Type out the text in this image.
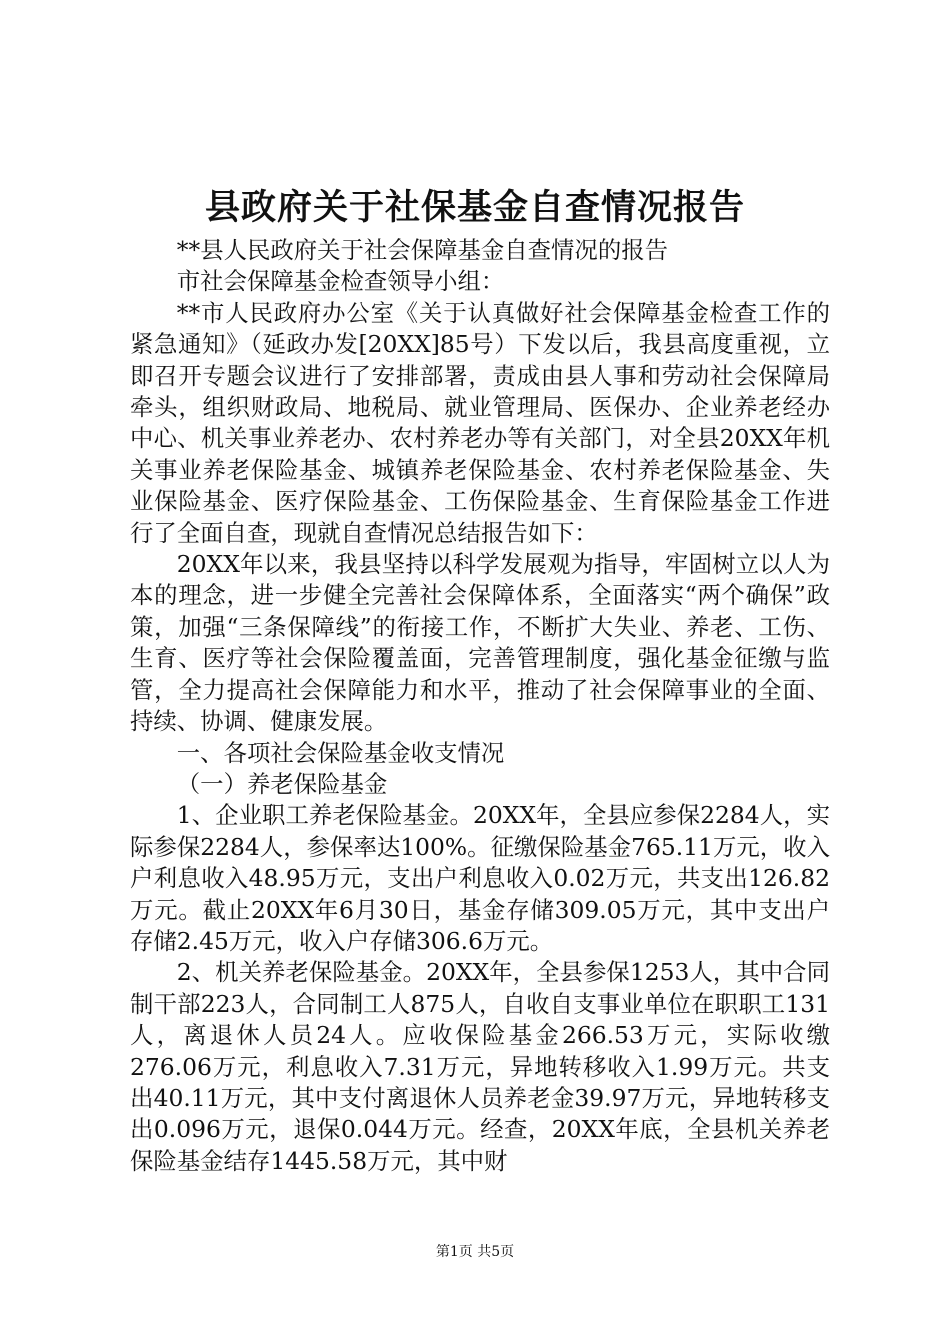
县政府关于社保基金自查情况报告

**县人民政府关于社会保障基金自查情况的报告

市社会保障基金检查领导小组：

**市人民政府办公室《关于认真做好社会保障基金检查工作的紧急通知》（延政办发[20XX]85号）下发以后，我县高度重视，立即召开专题会议进行了安排部署，责成由县人事和劳动社会保障局牵头，组织财政局、地税局、就业管理局、医保办、企业养老经办中心、机关事业养老办、农村养老办等有关部门，对全县20XX年机关事业养老保险基金、城镇养老保险基金、农村养老保险基金、失业保险基金、医疗保险基金、工伤保险基金、生育保险基金工作进行了全面自查，现就自查情况总结报告如下：

20XX年以来，我县坚持以科学发展观为指导，牢固树立以人为本的理念，进一步健全完善社会保障体系，全面落实“两个确保”政策，加强“三条保障线”的衔接工作，不断扩大失业、养老、工伤、生育、医疗等社会保险覆盖面，完善管理制度，强化基金征缴与监管，全力提高社会保障能力和水平，推动了社会保障事业的全面、持续、协调、健康发展。

一、各项社会保险基金收支情况

（一）养老保险基金

1、企业职工养老保险基金。20XX年，全县应参保2284人，实际参保2284人，参保率达100%。征缴保险基金765.11万元，收入户利息收入48.95万元，支出户利息收入0.02万元，共支出126.82万元。截止20XX年6月30日，基金存储309.05万元，其中支出户存储2.45万元，收入户存储306.6万元。

2、机关养老保险基金。20XX年，全县参保1253人，其中合同制干部223人，合同制工人875人，自收自支事业单位在职职工131人，离退休人员24人。应收保险基金266.53万元，实际收缴276.06万元，利息收入7.31万元，异地转移收入1.99万元。共支出40.11万元，其中支付离退休人员养老金39.97万元，异地转移支出0.096万元，退保0.044万元。经查，20XX年底，全县机关养老保险基金结存1445.58万元，其中财

第1页 共5页
